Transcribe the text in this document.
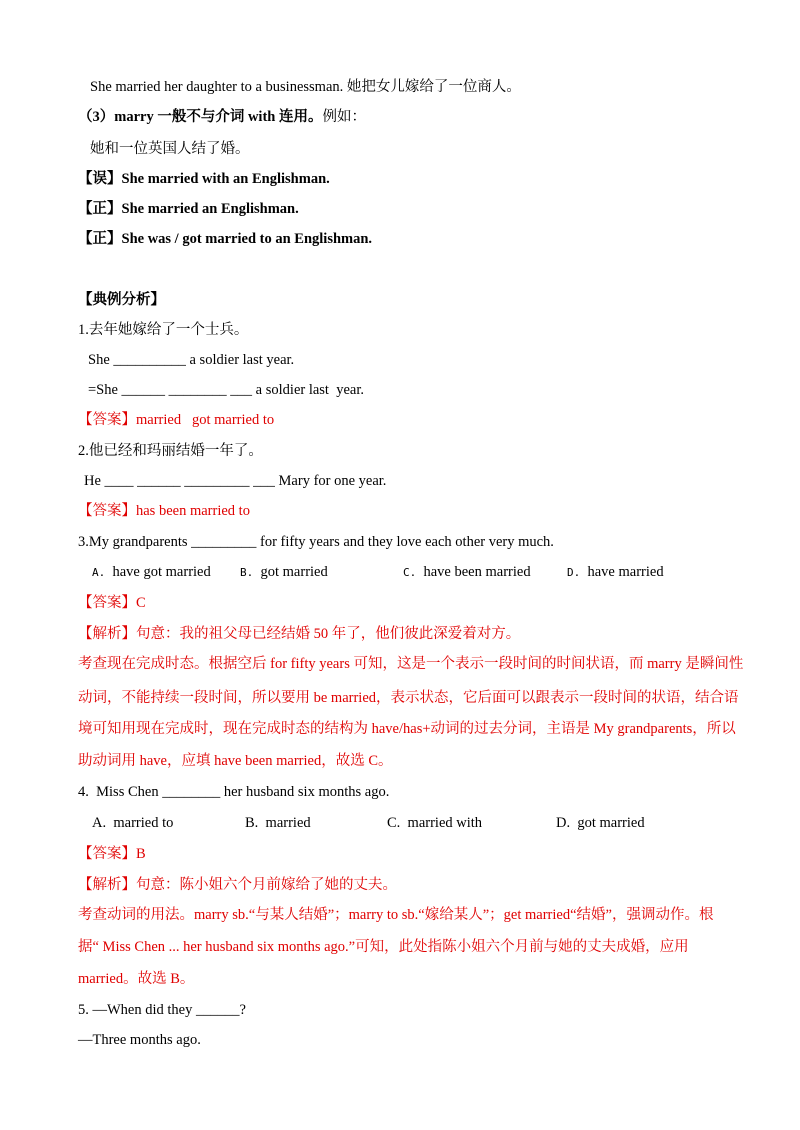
She married her daughter to a businessman. 她把女儿嫁给了一位商人。
（3）marry 一般不与介词 with 连用。例如：
她和一位英国人结了婚。
【误】She married with an Englishman.
【正】She married an Englishman.
【正】She was / got married to an Englishman.
【典例分析】
1.去年她嫁给了一个士兵。
She __________ a soldier last year.
=She ______ ________ ___ a soldier last  year.
【答案】married   got married to
2.他已经和玛丽结婚一年了。
He ____ ______ _________ ___ Mary for one year.
【答案】has been married to
3.My grandparents _________ for fifty years and they love each other very much.
A. have got married	B. got married	C. have been married	D. have married
【答案】C
【解析】句意：我的祖父母已经结婚 50 年了，他们彼此深爱着对方。
考查现在完成时态。根据空后 for fifty years 可知，这是一个表示一段时间的时间状语，而 marry 是瞬间性
动词，不能持续一段时间，所以要用 be married，表示状态，它后面可以跟表示一段时间的状语，结合语
境可知用现在完成时，现在完成时态的结构为 have/has+动词的过去分词，主语是 My grandparents，所以
助动词用 have，应填 have been married，故选 C。
4.  Miss Chen ________ her husband six months ago.
A. married to	B. married	C. married with	D. got married
【答案】B
【解析】句意：陈小姐六个月前嫁给了她的丈夫。
考查动词的用法。marry sb.“与某人结婚”；marry to sb.“嫁给某人”；get married“结婚”，强调动作。根
据“ Miss Chen ... her husband six months ago.”可知，此处指陈小姐六个月前与她的丈夫成婚，应用
married。故选 B。
5. —When did they ______?
—Three months ago.
